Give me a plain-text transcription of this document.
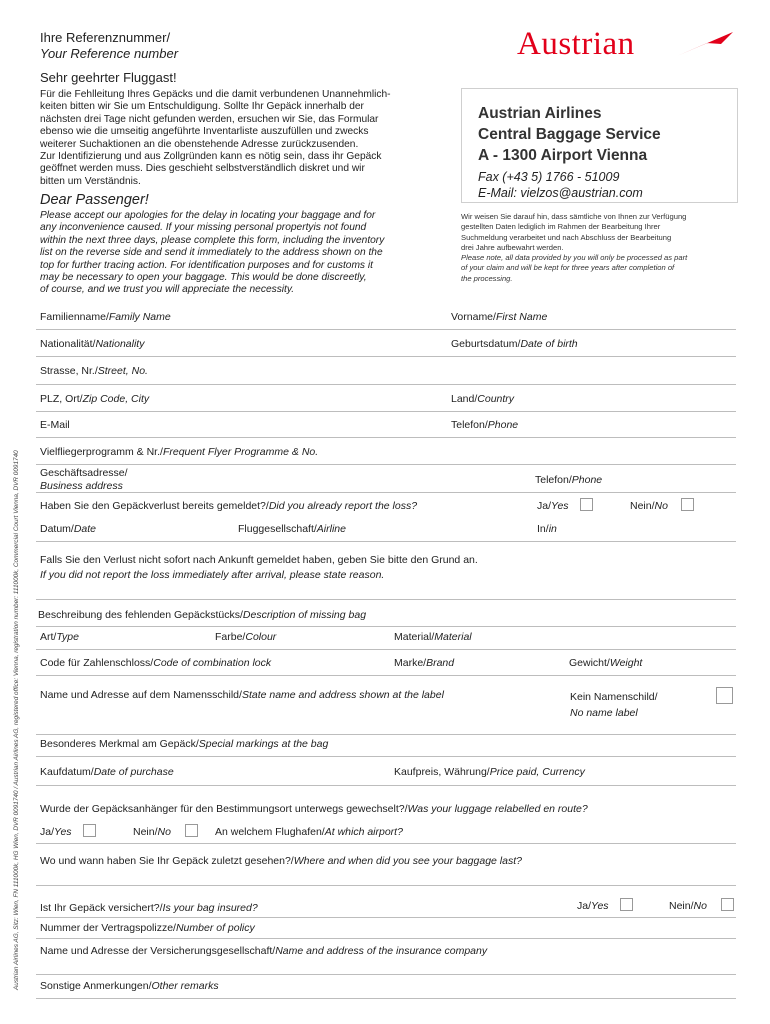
Austrian Airlines AG, Sitz: Wien, FN 111000k, HG Wien, DVR 0091740 / Austrian Airlines AG, registered office: Vienna, registration number: 111000k, Commercial Court Vienna, DVR 0091740
Ihre Referenznummer/
Your Reference number	Austrian
Sehr geehrter Fluggast!
Für die Fehlleitung Ihres Gepäcks und die damit verbundenen Unannehmlich-
keiten bitten wir Sie um Entschuldigung. Sollte Ihr Gepäck innerhalb der
nächsten drei Tage nicht gefunden werden, ersuchen wir Sie, das Formular
ebenso wie die umseitig angeführte Inventarliste auszufüllen und zwecks
weiterer Suchaktionen an die obenstehende Adresse zurückzusenden.
Zur Identifizierung und aus Zollgründen kann es nötig sein, dass ihr Gepäck
geöffnet werden muss. Dies geschieht selbstverständlich diskret und wir
bitten um Verständnis.
Austrian Airlines
Central Baggage Service
A - 1300 Airport Vienna
Fax (+43 5) 1766 - 51009
E-Mail: vielzos@austrian.com
Dear Passenger!
Please accept our apologies for the delay in locating your baggage and for
any inconvenience caused. If your missing personal propertyis not found
within the next three days, please complete this form, including the inventory
list on the reverse side and send it immediately to the address shown on the
top for further tracing action. For identification purposes and for customs it
may be necessary to open your baggage. This would be done discreetly,
of course, and we trust you will appreciate the necessity.
Wir weisen Sie darauf hin, dass sämtliche von Ihnen zur Verfügung
gestellten Daten lediglich im Rahmen der Bearbeitung Ihrer
Suchmeldung verarbeitet und nach Abschluss der Bearbeitung
drei Jahre aufbewahrt werden.
Please note, all data provided by you will only be processed as part
of your claim and will be kept for three years after completion of
the processing.
Familienname/Family Name	Vorname/First Name
Nationalität/Nationality	Geburtsdatum/Date of birth
Strasse, Nr./Street, No.
PLZ, Ort/Zip Code, City	Land/Country
E-Mail	Telefon/Phone
Vielfliegerprogramm & Nr./Frequent Flyer Programme & No.
Geschäftsadresse/
Business address	Telefon/Phone
Haben Sie den Gepäckverlust bereits gemeldet?/Did you already report the loss?	Ja/Yes	Nein/No
Datum/Date	Fluggesellschaft/Airline	In/in
Falls Sie den Verlust nicht sofort nach Ankunft gemeldet haben, geben Sie bitte den Grund an.
If you did not report the loss immediately after arrival, please state reason.
Beschreibung des fehlenden Gepäckstücks/Description of missing bag
Art/Type	Farbe/Colour	Material/Material
Code für Zahlenschloss/Code of combination lock	Marke/Brand	Gewicht/Weight
Name und Adresse auf dem Namensschild/State name and address shown at the label	Kein Namenschild/
No name label
Besonderes Merkmal am Gepäck/Special markings at the bag
Kaufdatum/Date of purchase	Kaufpreis, Währung/Price paid, Currency
Wurde der Gepäcksanhänger für den Bestimmungsort unterwegs gewechselt?/Was your luggage relabelled en route?
Ja/Yes	Nein/No	An welchem Flughafen/At which airport?
Wo und wann haben Sie Ihr Gepäck zuletzt gesehen?/Where and when did you see your baggage last?
Ist Ihr Gepäck versichert?/Is your bag insured?	Ja/Yes	Nein/No
Nummer der Vertragspolizze/Number of policy
Name und Adresse der Versicherungsgesellschaft/Name and address of the insurance company
Sonstige Anmerkungen/Other remarks
